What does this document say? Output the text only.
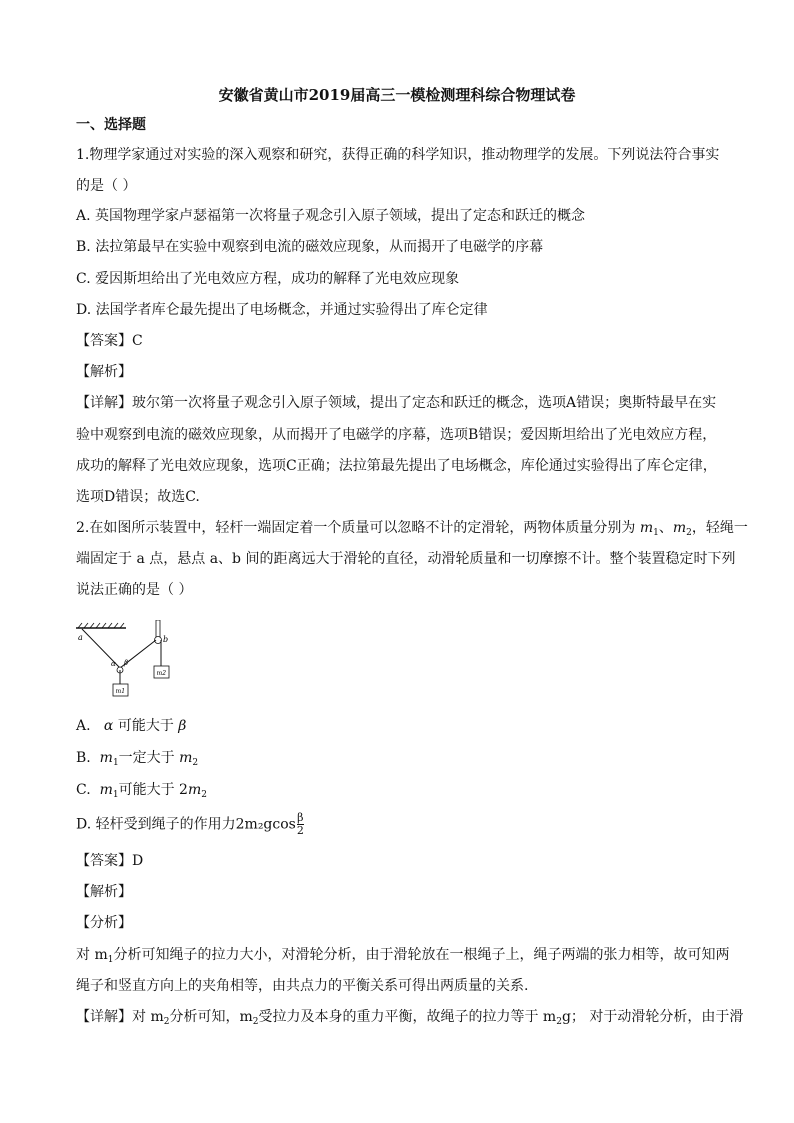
安徽省黄山市2019届高三一模检测理科综合物理试卷
一、选择题
1.物理学家通过对实验的深入观察和研究，获得正确的科学知识，推动物理学的发展。下列说法符合事实
的是（ ）
A. 英国物理学家卢瑟福第一次将量子观念引入原子领域，提出了定态和跃迁的概念
B. 法拉第最早在实验中观察到电流的磁效应现象，从而揭开了电磁学的序幕
C. 爱因斯坦给出了光电效应方程，成功的解释了光电效应现象
D. 法国学者库仑最先提出了电场概念，并通过实验得出了库仑定律
【答案】C
【解析】
【详解】玻尔第一次将量子观念引入原子领域，提出了定态和跃迁的概念，选项A错误；奥斯特最早在实
验中观察到电流的磁效应现象，从而揭开了电磁学的序幕，选项B错误；爱因斯坦给出了光电效应方程，
成功的解释了光电效应现象，选项C正确；法拉第最先提出了电场概念，库伦通过实验得出了库仑定律，
选项D错误；故选C.
2.在如图所示装置中，轻杆一端固定着一个质量可以忽略不计的定滑轮，两物体质量分别为 $m_1$、$m_2$，轻绳一
端固定于 a 点，悬点 a、b 间的距离远大于滑轮的直径，动滑轮质量和一切摩擦不计。整个装置稳定时下列
说法正确的是（ ）
a	b
α β
m1
m2
A. α 可能大于 β
B. $m_1$一定大于 $m_2$
C. $m_1$可能大于 $2m_2$
D. 轻杆受到绳子的作用力$2m_2gcos \frac{\beta}{2}$
【答案】D
【解析】
【分析】
对 $m_1$分析可知绳子的拉力大小，对滑轮分析，由于滑轮放在一根绳子上，绳子两端的张力相等，故可知两
绳子和竖直方向上的夹角相等，由共点力的平衡关系可得出两质量的关系.
【详解】对 $m_2$分析可知，$m_2$受拉力及本身的重力平衡，故绳子的拉力等于 $m_2g$； 对于动滑轮分析，由于滑
